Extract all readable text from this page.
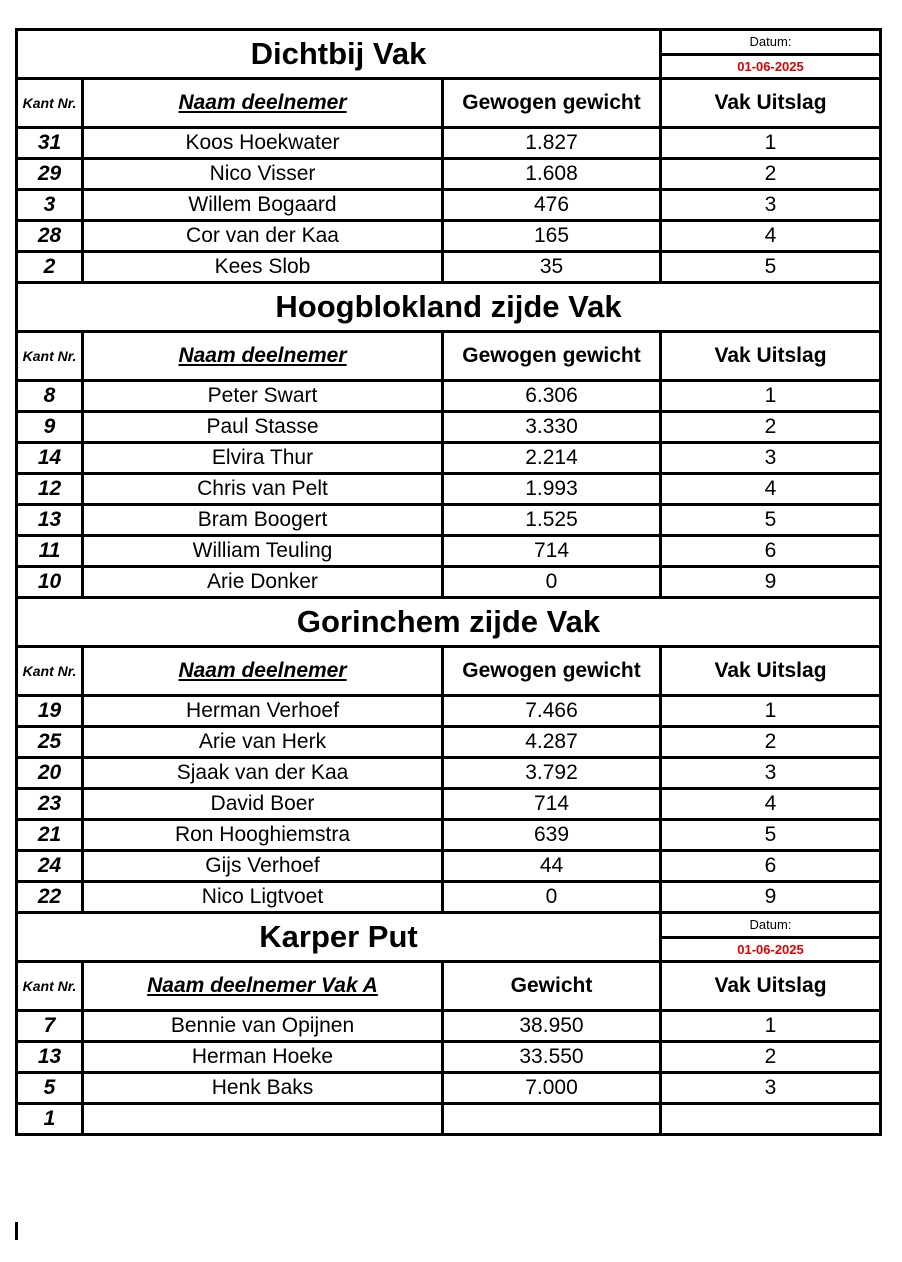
Dichtbij Vak			Datum:
			01-06-2025
Kant Nr.	Naam deelnemer	Gewogen gewicht	Vak Uitslag
31	Koos Hoekwater	1.827	1
29	Nico Visser	1.608	2
3	Willem Bogaard	476	3
28	Cor van der Kaa	165	4
2	Kees Slob	35	5
Hoogblokland zijde Vak			
Kant Nr.	Naam deelnemer	Gewogen gewicht	Vak Uitslag
8	Peter Swart	6.306	1
9	Paul Stasse	3.330	2
14	Elvira Thur	2.214	3
12	Chris van Pelt	1.993	4
13	Bram Boogert	1.525	5
11	William Teuling	714	6
10	Arie Donker	0	9
Gorinchem zijde Vak			
Kant Nr.	Naam deelnemer	Gewogen gewicht	Vak Uitslag
19	Herman Verhoef	7.466	1
25	Arie van Herk	4.287	2
20	Sjaak van der Kaa	3.792	3
23	David Boer	714	4
21	Ron Hooghiemstra	639	5
24	Gijs Verhoef	44	6
22	Nico Ligtvoet	0	9
Karper Put			Datum:
			01-06-2025
Kant Nr.	Naam deelnemer Vak A	Gewicht	Vak Uitslag
7	Bennie van Opijnen	38.950	1
13	Herman Hoeke	33.550	2
5	Henk Baks	7.000	3
1			
